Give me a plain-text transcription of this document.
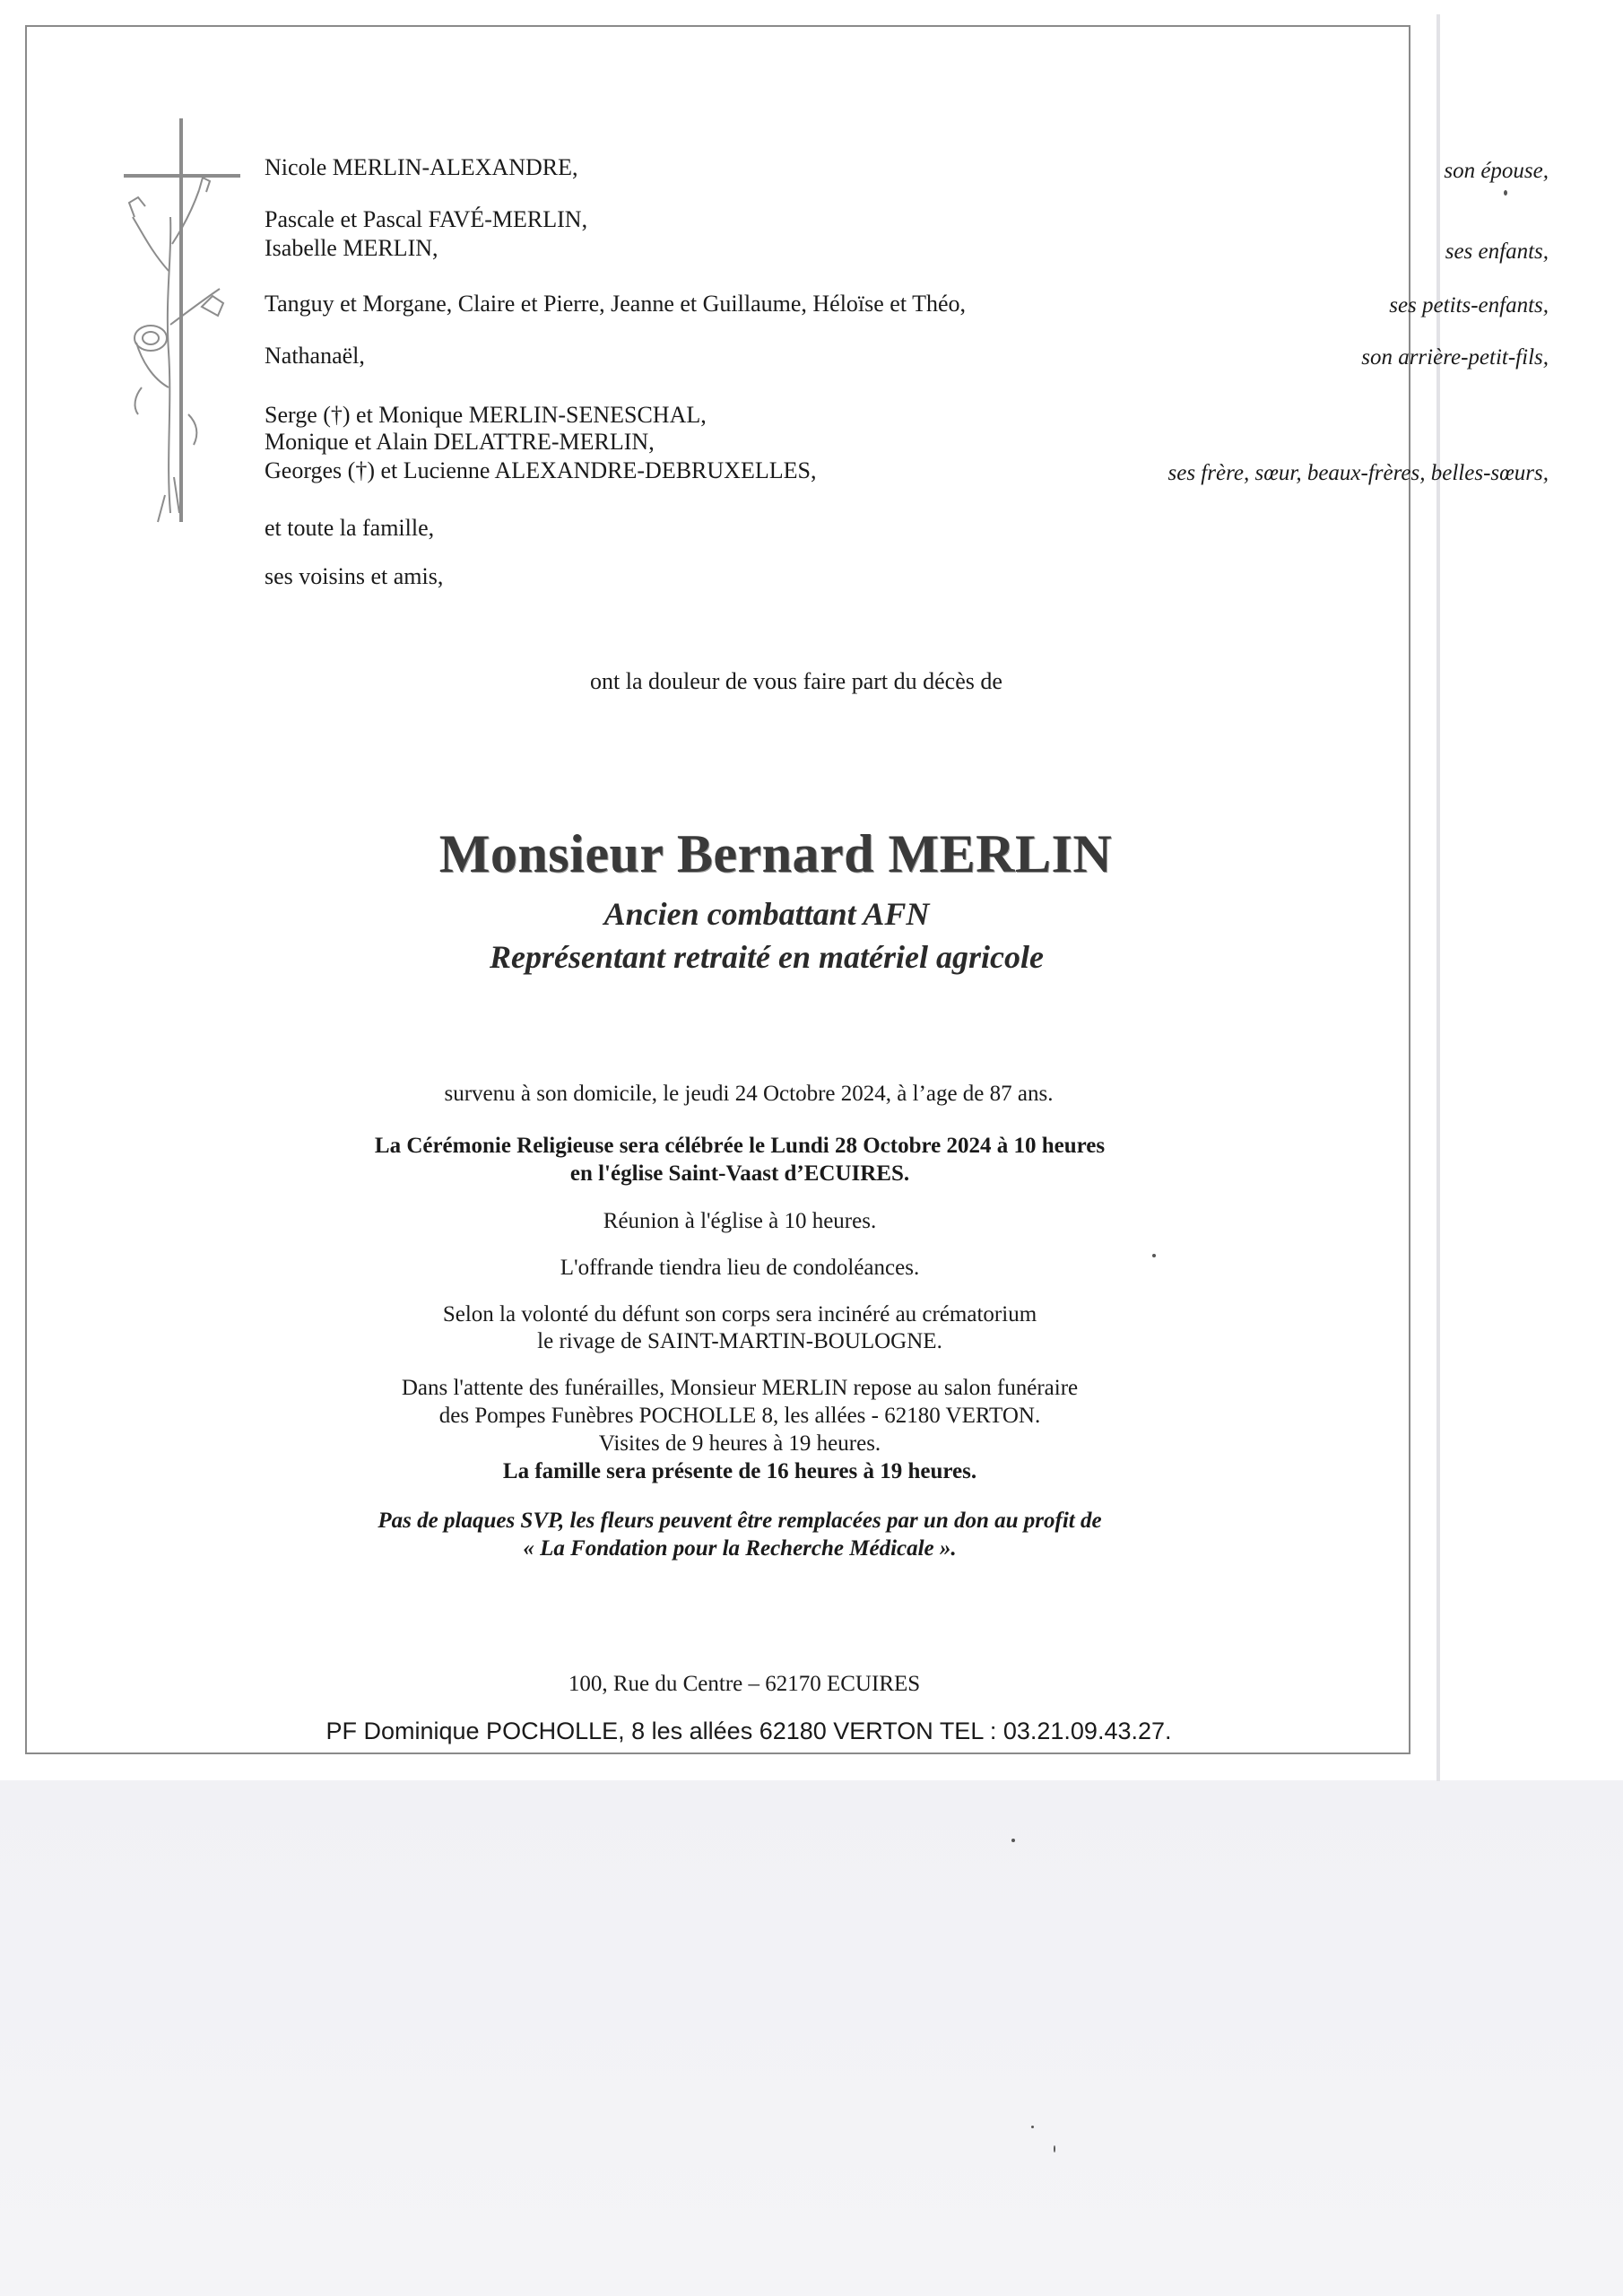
Nicole MERLIN-ALEXANDRE,	son épouse,
Pascale et Pascal FAVÉ-MERLIN,
Isabelle MERLIN,	ses enfants,
Tanguy et Morgane, Claire et Pierre, Jeanne et Guillaume, Héloïse et Théo,	ses petits-enfants,
Nathanaël,	son arrière-petit-fils,
Serge (†) et Monique MERLIN-SENESCHAL,
Monique et Alain DELATTRE-MERLIN,
Georges (†) et Lucienne ALEXANDRE-DEBRUXELLES,	ses frère, sœur, beaux-frères, belles-sœurs,
et toute la famille,
ses voisins et amis,
ont la douleur de vous faire part du décès de
Monsieur Bernard MERLIN
Ancien combattant AFN
Représentant retraité en matériel agricole
survenu à son domicile, le jeudi 24 Octobre 2024, à l’age de 87 ans.
La Cérémonie Religieuse sera célébrée le Lundi 28 Octobre 2024 à 10 heures
en l'église Saint-Vaast d’ECUIRES.
Réunion à l'église à 10 heures.
L'offrande tiendra lieu de condoléances.
Selon la volonté du défunt son corps sera incinéré au crématorium
le rivage de SAINT-MARTIN-BOULOGNE.
Dans l'attente des funérailles, Monsieur MERLIN repose au salon funéraire
des Pompes Funèbres POCHOLLE 8, les allées - 62180 VERTON.
Visites de 9 heures à 19 heures.
La famille sera présente de 16 heures à 19 heures.
Pas de plaques SVP, les fleurs peuvent être remplacées par un don au profit de
« La Fondation pour la Recherche Médicale ».
100, Rue du Centre – 62170 ECUIRES
PF Dominique POCHOLLE, 8 les allées 62180 VERTON TEL : 03.21.09.43.27.
